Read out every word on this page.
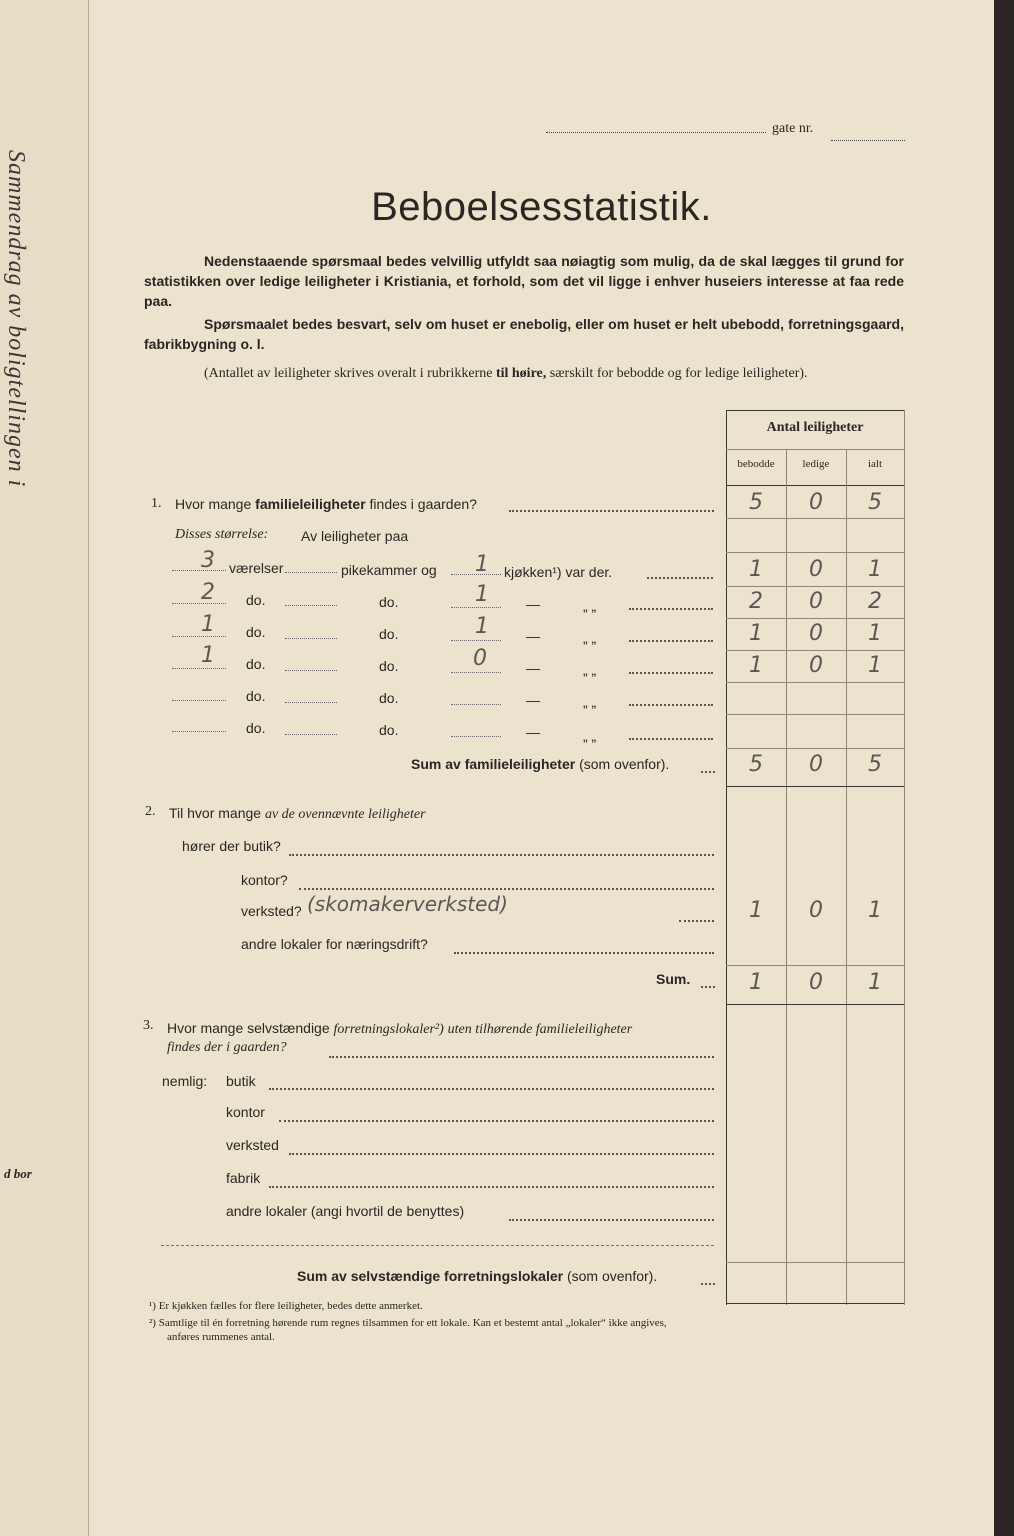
Sammendrag av boligtellingen i
d bor
gate nr.
Beboelsesstatistik.
Nedenstaaende spørsmaal bedes velvillig utfyldt saa nøiagtig som mulig, da de skal lægges til grund for statistikken over ledige leiligheter i Kristiania, et forhold, som det vil ligge i enhver huseiers interesse at faa rede paa.
Spørsmaalet bedes besvart, selv om huset er enebolig, eller om huset er helt ubebodd, forretningsgaard, fabrikbygning o. l.
(Antallet av leiligheter skrives overalt i rubrikkerne til høire, særskilt for bebodde og for ledige leiligheter).
Antal leiligheter
bebodde	ledige	ialt
1. Hvor mange familieleiligheter findes i gaarden?	5	0	5
Disses størrelse: Av leiligheter paa
3 værelser	pikekammer og 1 kjøkken¹) var der.	1	0	1
2 do.	do.	1	—	„ „	2	0	2
1 do.	do.	1	—	„ „	1	0	1
1 do.	do.	0	—	„ „	1	0	1
do.	do.	—	„ „
do.	do.	—	„ „
Sum av familieleiligheter (som ovenfor).	5	0	5
2. Til hvor mange av de ovennævnte leiligheter
hører der butik?
kontor?
verksted? (skomakerverksted)	1	0	1
andre lokaler for næringsdrift?
Sum.	1	0	1
3. Hvor mange selvstændige forretningslokaler²) uten tilhørende familieleiligheter
findes der i gaarden?
nemlig: butik
kontor
verksted
fabrik
andre lokaler (angi hvortil de benyttes)
Sum av selvstændige forretningslokaler (som ovenfor).
¹) Er kjøkken fælles for flere leiligheter, bedes dette anmerket.
²) Samtlige til én forretning hørende rum regnes tilsammen for ett lokale. Kan et bestemt antal „lokaler“ ikke angives,
anføres rummenes antal.
